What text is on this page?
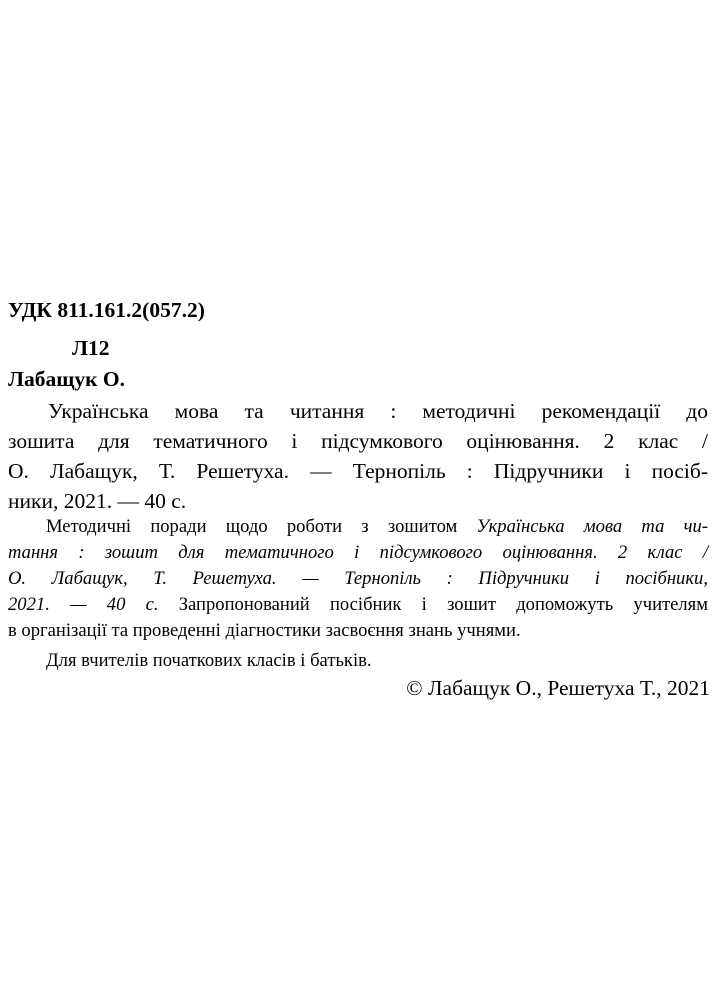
УДК 811.161.2(057.2)
Л12
Лабащук О.
Українська мова та читання : методичні рекомендації до
зошита для тематичного і підсумкового оцінювання. 2 клас /
О. Лабащук, Т. Решетуха. — Тернопіль : Підручники і посіб-
ники, 2021. — 40 с.
Методичні поради щодо роботи з зошитом Українська мова та чи-
тання : зошит для тематичного і підсумкового оцінювання. 2 клас /
О. Лабащук, Т. Решетуха. — Тернопіль : Підручники і посібники,
2021. — 40 с. Запропонований посібник і зошит допоможуть учителям
в організації та проведенні діагностики засвоєння знань учнями.
Для вчителів початкових класів і батьків.
© Лабащук О., Решетуха Т., 2021
